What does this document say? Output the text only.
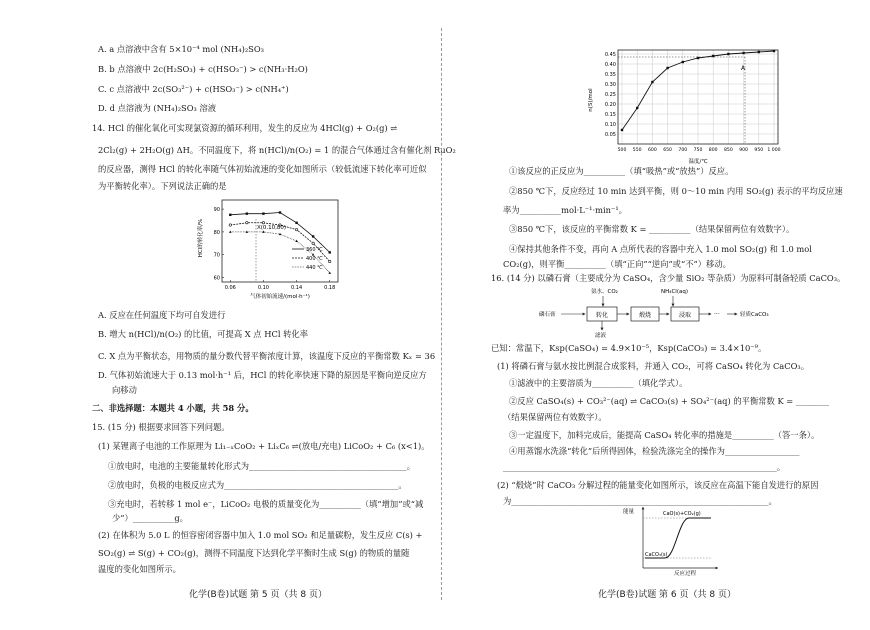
A. a 点溶液中含有 5×10⁻⁴ mol (NH₄)₂SO₃
B. b 点溶液中 2c(H₂SO₃) + c(HSO₃⁻) > c(NH₃·H₂O)
C. c 点溶液中 2c(SO₃²⁻) + c(HSO₃⁻) > c(NH₄⁺)
D. d 点溶液为 (NH₄)₂SO₃ 溶液
14. HCl 的催化氧化可实现氯资源的循环利用，发生的反应为 4HCl(g) + O₂(g) ⇌
2Cl₂(g) + 2H₂O(g) ΔH。不同温度下，将 n(HCl)/n(O₂) = 1 的混合气体通过含有催化剂 RuO₂
的反应器，测得 HCl 的转化率随气体初始流速的变化如图所示（较低流速下转化率可近似
为平衡转化率）。下列说法正确的是
HCl的转化率/%
90
80
70
60
0.06	0.10	0.14	0.18
X(0.10,80)
360 ℃
400 ℃
440 ℃
气体初始流速/(mol·h⁻¹)
A. 反应在任何温度下均可自发进行
B. 增大 n(HCl)/n(O₂) 的比值，可提高 X 点 HCl 转化率
C. X 点为平衡状态，用物质的量分数代替平衡浓度计算，该温度下反应的平衡常数 Kₓ = 36
D. 气体初始流速大于 0.13 mol·h⁻¹ 后，HCl 的转化率快速下降的原因是平衡向逆反应方
向移动
二、非选择题：本题共 4 小题，共 58 分。
15. (15 分) 根据要求回答下列问题。
(1) 某锂离子电池的工作原理为 Li₁₋ₓCoO₂ + LiₓC₆ ⇌(放电/充电) LiCoO₂ + C₆ (x<1)。
①放电时，电池的主要能量转化形式为______________________________________。
②放电时，负极的电极反应式为__________________________________________。
③充电时，若转移 1 mol e⁻，LiCoO₂ 电极的质量变化为__________（填“增加”或“减
少”）__________g。
(2) 在体积为 5.0 L 的恒容密闭容器中加入 1.0 mol SO₂ 和足量碳粉，发生反应 C(s) +
SO₂(g) ⇌ S(g) + CO₂(g)，测得不同温度下达到化学平衡时生成 S(g) 的物质的量随
温度的变化如图所示。
化学(B卷)试题 第 5 页（共 8 页）
n(S)/mol
0.45
0.40
0.35
0.30
0.25
0.20
0.15
0.10
0.05
500 550 600 650 700 750 800 850 900 950 1 000
A
温度/℃
①该反应的正反应为__________（填“吸热”或“放热”）反应。
②850 ℃下，反应经过 10 min 达到平衡，则 0～10 min 内用 SO₂(g) 表示的平均反应速
率为__________mol·L⁻¹·min⁻¹。
③850 ℃下，该反应的平衡常数 K = __________（结果保留两位有效数字）。
④保持其他条件不变，再向 A 点所代表的容器中充入 1.0 mol SO₂(g) 和 1.0 mol
CO₂(g)，则平衡__________（填“正向”“逆向”或“不”）移动。
16. (14 分) 以磷石膏（主要成分为 CaSO₄，含少量 SiO₂ 等杂质）为原料可制备轻质 CaCO₃。
氨水、CO₂	NH₄Cl(aq)
磷石膏	转化	煅烧	浸取	···	轻质CaCO₃
滤液
已知：常温下，Ksp(CaSO₄) = 4.9×10⁻⁵，Ksp(CaCO₃) = 3.4×10⁻⁹。
(1) 将磷石膏与氨水按比例混合成浆料，并通入 CO₂，可将 CaSO₄ 转化为 CaCO₃。
①滤液中的主要溶质为__________（填化学式）。
②反应 CaSO₄(s) + CO₃²⁻(aq) ⇌ CaCO₃(s) + SO₄²⁻(aq) 的平衡常数 K = ________
（结果保留两位有效数字）。
③一定温度下，加料完成后，能提高 CaSO₄ 转化率的措施是__________（答一条）。
④用蒸馏水洗涤“转化”后所得固体，检验洗涤完全的操作为__________________
__________________________________________________________________。
(2) “煅烧”时 CaCO₃ 分解过程的能量变化如图所示，该反应在高温下能自发进行的原因
为______________________________________________________________。
能量	CaO(s)+CO₂(g)
CaCO₃(s)
反应过程
化学(B卷)试题 第 6 页（共 8 页）
